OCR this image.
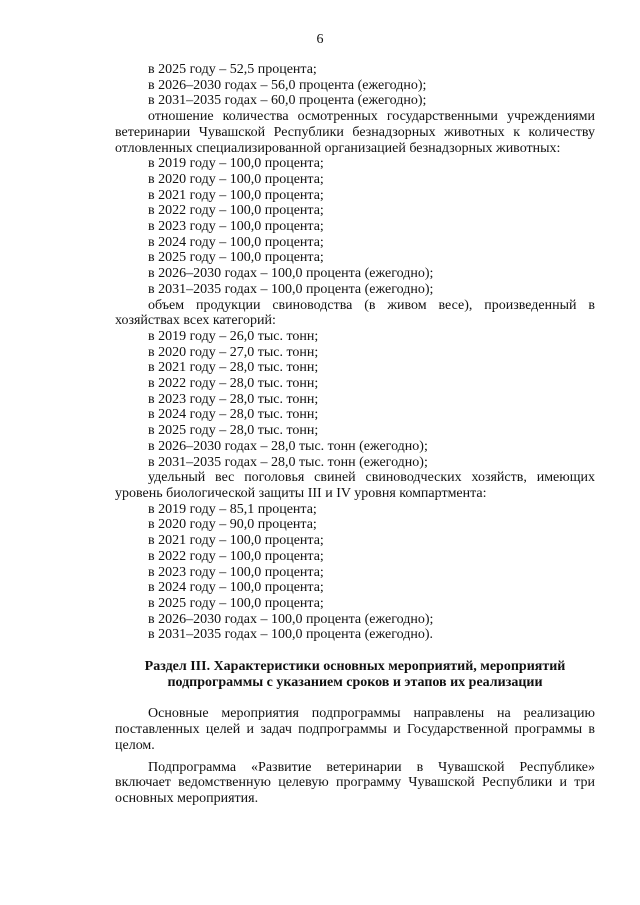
6
в 2025 году – 52,5 процента;
в 2026–2030 годах – 56,0 процента (ежегодно);
в 2031–2035 годах – 60,0 процента (ежегодно);
отношение количества осмотренных государственными учреждениями ветеринарии Чувашской Республики безнадзорных животных к количеству отловленных специализированной организацией безнадзорных животных:
в 2019 году – 100,0 процента;
в 2020 году – 100,0 процента;
в 2021 году – 100,0 процента;
в 2022 году – 100,0 процента;
в 2023 году – 100,0 процента;
в 2024 году – 100,0 процента;
в 2025 году – 100,0 процента;
в 2026–2030 годах – 100,0 процента (ежегодно);
в 2031–2035 годах – 100,0 процента (ежегодно);
объем продукции свиноводства (в живом весе), произведенный в хозяйствах всех категорий:
в 2019 году – 26,0 тыс. тонн;
в 2020 году – 27,0 тыс. тонн;
в 2021 году – 28,0 тыс. тонн;
в 2022 году – 28,0 тыс. тонн;
в 2023 году – 28,0 тыс. тонн;
в 2024 году – 28,0 тыс. тонн;
в 2025 году – 28,0 тыс. тонн;
в 2026–2030 годах – 28,0 тыс. тонн (ежегодно);
в 2031–2035 годах – 28,0 тыс. тонн (ежегодно);
удельный вес поголовья свиней свиноводческих хозяйств, имеющих уровень биологической защиты III и IV уровня компартмента:
в 2019 году – 85,1 процента;
в 2020 году – 90,0 процента;
в 2021 году – 100,0 процента;
в 2022 году – 100,0 процента;
в 2023 году – 100,0 процента;
в 2024 году – 100,0 процента;
в 2025 году – 100,0 процента;
в 2026–2030 годах – 100,0 процента (ежегодно);
в 2031–2035 годах – 100,0 процента (ежегодно).
Раздел III. Характеристики основных мероприятий, мероприятий подпрограммы с указанием сроков и этапов их реализации
Основные мероприятия подпрограммы направлены на реализацию поставленных целей и задач подпрограммы и Государственной программы в целом.
Подпрограмма «Развитие ветеринарии в Чувашской Республике» включает ведомственную целевую программу Чувашской Республики и три основных мероприятия.
